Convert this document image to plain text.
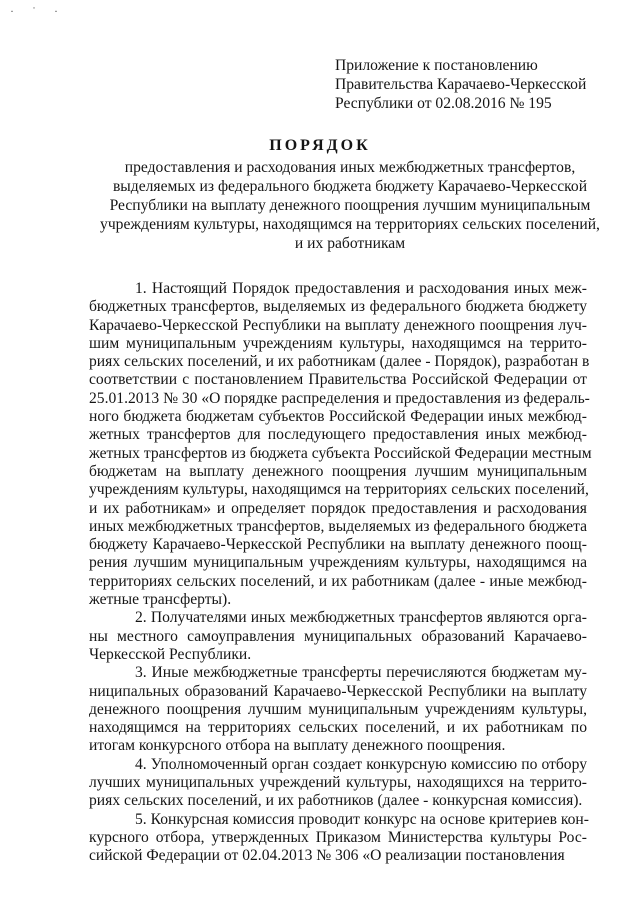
·  ˙  ·
Приложение к постановлению
Правительства Карачаево-Черкесской
Республики от 02.08.2016 № 195
ПОРЯДОК
предоставления и расходования иных межбюджетных трансфертов,
выделяемых из федерального бюджета бюджету Карачаево-Черкесской
Республики на выплату денежного поощрения лучшим муниципальным
учреждениям культуры, находящимся на территориях сельских поселений,
и их работникам
1. Настоящий Порядок предоставления и расходования иных меж-
бюджетных трансфертов, выделяемых из федерального бюджета бюджету
Карачаево-Черкесской Республики на выплату денежного поощрения луч-
шим муниципальным учреждениям культуры, находящимся на террито-
риях сельских поселений, и их работникам (далее - Порядок), разработан в
соответствии с постановлением Правительства Российской Федерации от
25.01.2013 № 30 «О порядке распределения и предоставления из федераль-
ного бюджета бюджетам субъектов Российской Федерации иных межбюд-
жетных трансфертов для последующего предоставления иных межбюд-
жетных трансфертов из бюджета субъекта Российской Федерации местным
бюджетам на выплату денежного поощрения лучшим муниципальным
учреждениям культуры, находящимся на территориях сельских поселений,
и их работникам» и определяет порядок предоставления и расходования
иных межбюджетных трансфертов, выделяемых из федерального бюджета
бюджету Карачаево-Черкесской Республики на выплату денежного поощ-
рения лучшим муниципальным учреждениям культуры, находящимся на
территориях сельских поселений, и их работникам (далее - иные межбюд-
жетные трансферты).
2. Получателями иных межбюджетных трансфертов являются орга-
ны местного самоуправления муниципальных образований Карачаево-
Черкесской Республики.
3. Иные межбюджетные трансферты перечисляются бюджетам му-
ниципальных образований Карачаево-Черкесской Республики на выплату
денежного поощрения лучшим муниципальным учреждениям культуры,
находящимся на территориях сельских поселений, и их работникам по
итогам конкурсного отбора на выплату денежного поощрения.
4. Уполномоченный орган создает конкурсную комиссию по отбору
лучших муниципальных учреждений культуры, находящихся на террито-
риях сельских поселений, и их работников (далее - конкурсная комиссия).
5. Конкурсная комиссия проводит конкурс на основе критериев кон-
курсного отбора, утвержденных Приказом Министерства культуры Рос-
сийской Федерации от 02.04.2013 № 306 «О реализации постановления
